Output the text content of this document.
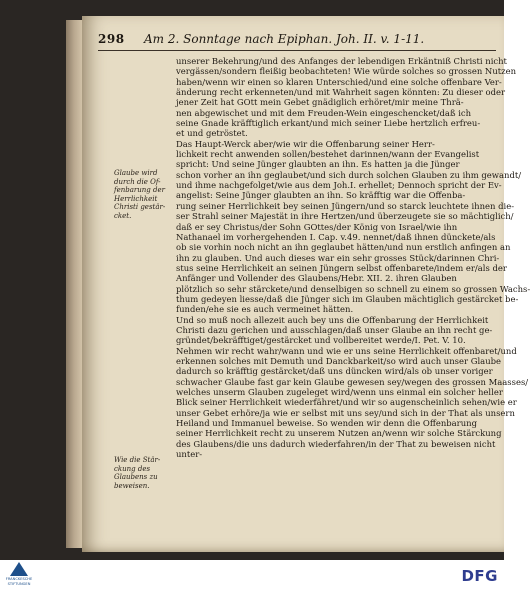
298 Am 2. Sonntage nach Epiphan. Joh. II. v. 1-11.
Glaube wird
durch die Of-
fenbarung der
Herrlichkeit
Christi gestär-
cket.
Wie die Stär-
ckung des
Glaubens zu
beweisen.
unserer Bekehrung/und des Anfanges der lebendigen Erkäntniß Christi nicht
vergässen/sondern fleißig beobachteten! Wie würde solches so grossen Nutzen
haben/wenn wir einen so klaren Unterschied/und eine solche offenbare Ver-
änderung recht erkenneten/und mit Wahrheit sagen könnten: Zu dieser oder
jener Zeit hat GOtt mein Gebet gnädiglich erhöret/mir meine Thrä-
nen abgewischet und mit dem Freuden-Wein eingeschencket/daß ich
seine Gnade kräfftiglich erkant/und mich seiner Liebe hertzlich erfreu-
et und getröstet.
Das Haupt-Werck aber/wie wir die Offenbarung seiner Herr-
lichkeit recht anwenden sollen/bestehet darinnen/wann der Evangelist
spricht: Und seine Jünger glaubten an ihn. Es hatten ja die Jünger
schon vorher an ihn geglaubet/und sich durch solchen Glauben zu ihm gewandt/
und ihme nachgefolget/wie aus dem Joh.I. erhellet; Dennoch spricht der Ev-
angelist: Seine Jünger glaubten an ihn. So kräfftig war die Offenba-
rung seiner Herrlichkeit bey seinen Jüngern/und so starck leuchtete ihnen die-
ser Strahl seiner Majestät in ihre Hertzen/und überzeugete sie so mächtiglich/
daß er sey Christus/der Sohn GOttes/der König von Israel/wie ihn
Nathanael im vorhergehenden I. Cap. v.49. nennet/daß ihnen dünckete/als
ob sie vorhin noch nicht an ihn geglaubet hätten/und nun erstlich anfingen an
ihn zu glauben. Und auch dieses war ein sehr grosses Stück/darinnen Chri-
stus seine Herrlichkeit an seinen Jüngern selbst offenbarete/indem er/als der
Anfänger und Vollender des Glaubens/Hebr. XII. 2. ihren Glauben
plötzlich so sehr stärckete/und denselbigen so schnell zu einem so grossen Wachs-
thum gedeyen liesse/daß die Jünger sich im Glauben mächtiglich gestärcket be-
funden/ehe sie es auch vermeinet hätten.
Und so muß noch allezeit auch bey uns die Offenbarung der Herrlichkeit
Christi dazu gerichen und ausschlagen/daß unser Glaube an ihn recht ge-
gründet/bekräfftiget/gestärcket und vollbereitet werde/I. Pet. V. 10.
Nehmen wir recht wahr/wann und wie er uns seine Herrlichkeit offenbaret/und
erkennen solches mit Demuth und Danckbarkeit/so wird auch unser Glaube
dadurch so kräfftig gestärcket/daß uns düncken wird/als ob unser voriger
schwacher Glaube fast gar kein Glaube gewesen sey/wegen des grossen Maasses/
welches unserm Glauben zugeleget wird/wenn uns einmal ein solcher heller
Blick seiner Herrlichkeit wiederfähret/und wir so augenscheinlich sehen/wie er
unser Gebet erhöre/ja wie er selbst mit uns sey/und sich in der That als unsern
Heiland und Immanuel beweise. So wenden wir denn die Offenbarung
seiner Herrlichkeit recht zu unserem Nutzen an/wenn wir solche Stärckung
des Glaubens/die uns dadurch wiederfahren/in der That zu beweisen nicht
unter-
FRANCKESCHE
STIFTUNGEN	DFG
